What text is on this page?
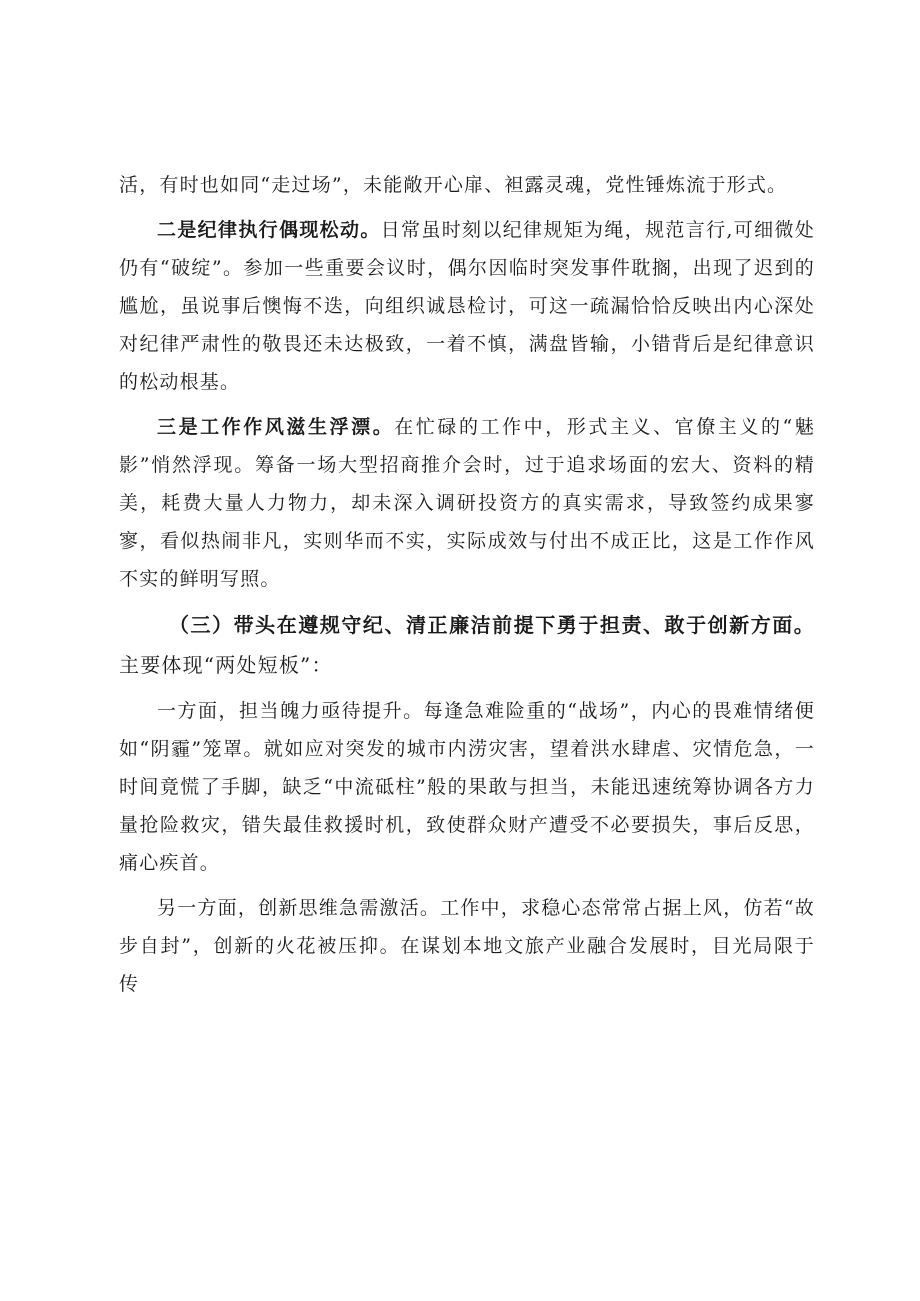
活，有时也如同“走过场”，未能敞开心扉、袒露灵魂，党性锤炼流于形式。

二是纪律执行偶现松动。日常虽时刻以纪律规矩为绳，规范言行,可细微处仍有“破绽”。参加一些重要会议时，偶尔因临时突发事件耽搁，出现了迟到的尴尬，虽说事后懊悔不迭，向组织诚恳检讨，可这一疏漏恰恰反映出内心深处对纪律严肃性的敬畏还未达极致，一着不慎，满盘皆输，小错背后是纪律意识的松动根基。

三是工作作风滋生浮漂。在忙碌的工作中，形式主义、官僚主义的“魅影”悄然浮现。筹备一场大型招商推介会时，过于追求场面的宏大、资料的精美，耗费大量人力物力，却未深入调研投资方的真实需求，导致签约成果寥寥，看似热闹非凡，实则华而不实，实际成效与付出不成正比，这是工作作风不实的鲜明写照。

（三）带头在遵规守纪、清正廉洁前提下勇于担责、敢于创新方面。主要体现“两处短板”：

一方面，担当魄力亟待提升。每逢急难险重的“战场”，内心的畏难情绪便如“阴霾”笼罩。就如应对突发的城市内涝灾害，望着洪水肆虐、灾情危急，一时间竟慌了手脚，缺乏“中流砥柱”般的果敢与担当，未能迅速统筹协调各方力量抢险救灾，错失最佳救援时机，致使群众财产遭受不必要损失，事后反思，痛心疾首。

另一方面，创新思维急需激活。工作中，求稳心态常常占据上风，仿若“故步自封”，创新的火花被压抑。在谋划本地文旅产业融合发展时，目光局限于传
